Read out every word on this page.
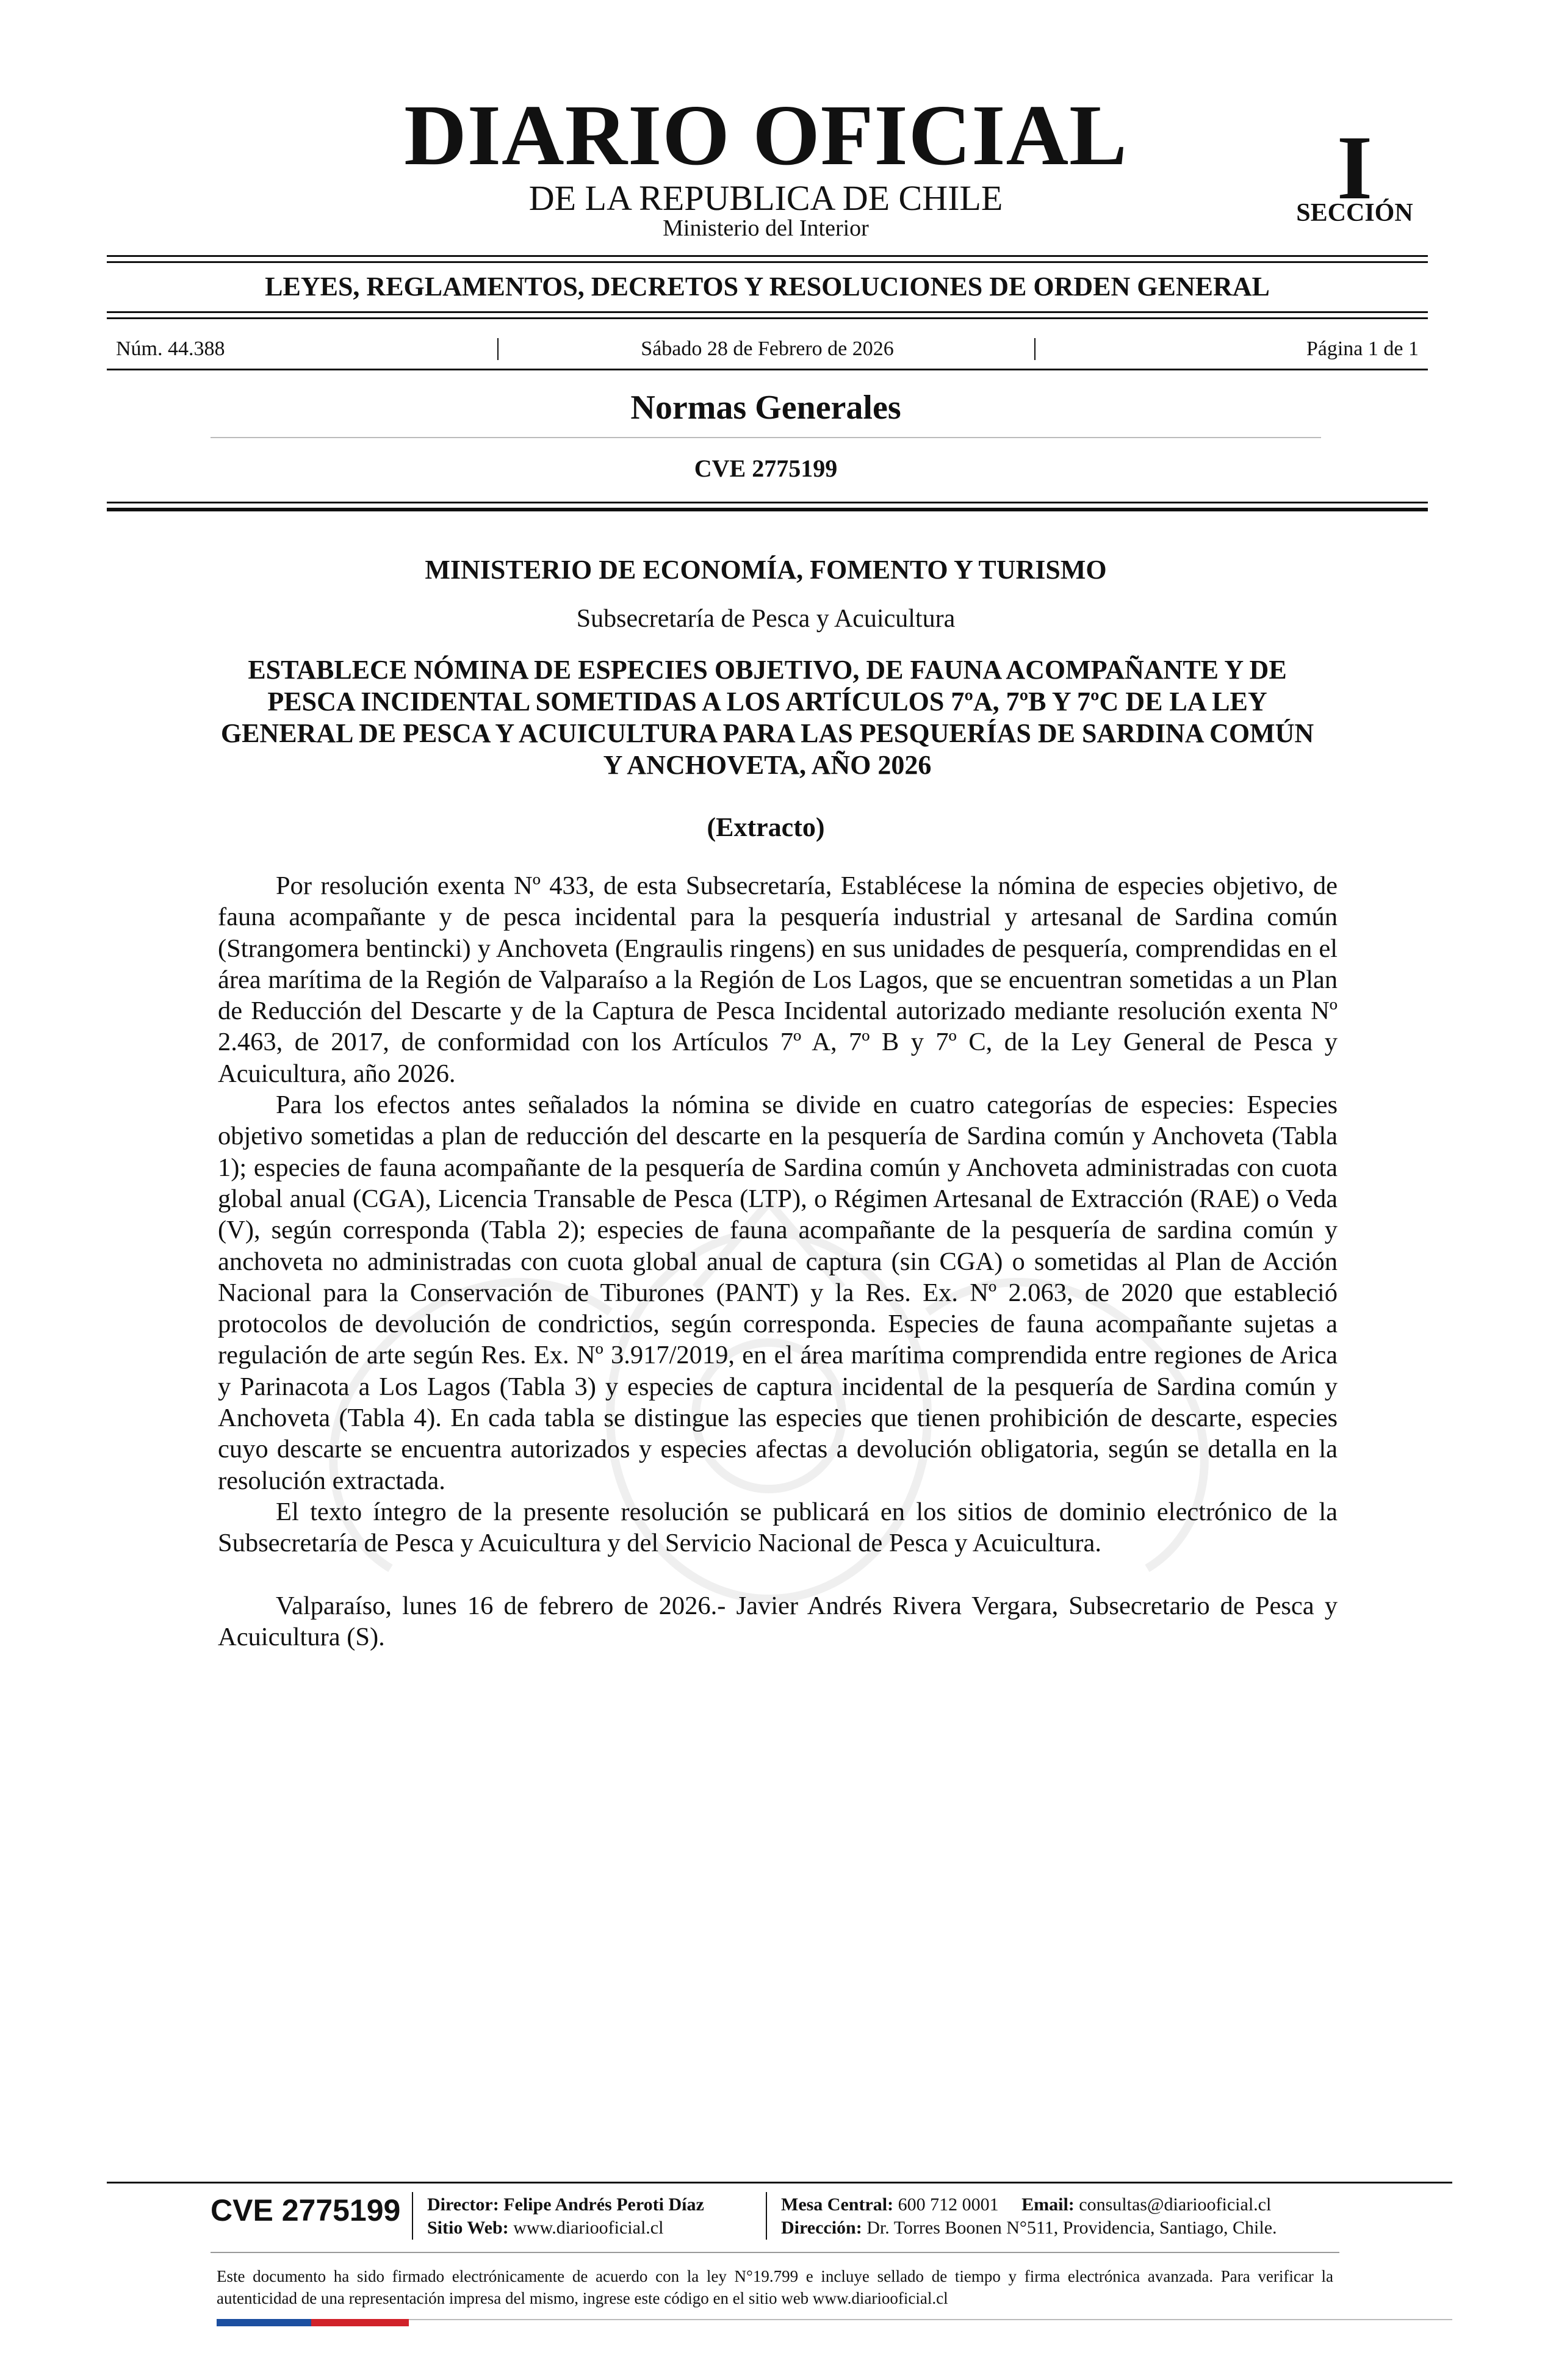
DIARIO OFICIAL
DE LA REPUBLICA DE CHILE
Ministerio del Interior
I
SECCIÓN
LEYES, REGLAMENTOS, DECRETOS Y RESOLUCIONES DE ORDEN GENERAL
Núm. 44.388	Sábado 28 de Febrero de 2026	Página 1 de 1
Normas Generales
CVE 2775199
MINISTERIO DE ECONOMÍA, FOMENTO Y TURISMO
Subsecretaría de Pesca y Acuicultura
ESTABLECE NÓMINA DE ESPECIES OBJETIVO, DE FAUNA ACOMPAÑANTE Y DE PESCA INCIDENTAL SOMETIDAS A LOS ARTÍCULOS 7ºA, 7ºB Y 7ºC DE LA LEY GENERAL DE PESCA Y ACUICULTURA PARA LAS PESQUERÍAS DE SARDINA COMÚN Y ANCHOVETA, AÑO 2026
(Extracto)

Por resolución exenta Nº 433, de esta Subsecretaría, Establécese la nómina de especies objetivo, de fauna acompañante y de pesca incidental para la pesquería industrial y artesanal de Sardina común (Strangomera bentincki) y Anchoveta (Engraulis ringens) en sus unidades de pesquería, comprendidas en el área marítima de la Región de Valparaíso a la Región de Los Lagos, que se encuentran sometidas a un Plan de Reducción del Descarte y de la Captura de Pesca Incidental autorizado mediante resolución exenta Nº 2.463, de 2017, de conformidad con los Artículos 7º A, 7º B y 7º C, de la Ley General de Pesca y Acuicultura, año 2026.

Para los efectos antes señalados la nómina se divide en cuatro categorías de especies: Especies objetivo sometidas a plan de reducción del descarte en la pesquería de Sardina común y Anchoveta (Tabla 1); especies de fauna acompañante de la pesquería de Sardina común y Anchoveta administradas con cuota global anual (CGA), Licencia Transable de Pesca (LTP), o Régimen Artesanal de Extracción (RAE) o Veda (V), según corresponda (Tabla 2); especies de fauna acompañante de la pesquería de sardina común y anchoveta no administradas con cuota global anual de captura (sin CGA) o sometidas al Plan de Acción Nacional para la Conservación de Tiburones (PANT) y la Res. Ex. Nº 2.063, de 2020 que estableció protocolos de devolución de condrictios, según corresponda. Especies de fauna acompañante sujetas a regulación de arte según Res. Ex. Nº 3.917/2019, en el área marítima comprendida entre regiones de Arica y Parinacota a Los Lagos (Tabla 3) y especies de captura incidental de la pesquería de Sardina común y Anchoveta (Tabla 4). En cada tabla se distingue las especies que tienen prohibición de descarte, especies cuyo descarte se encuentra autorizados y especies afectas a devolución obligatoria, según se detalla en la resolución extractada.

El texto íntegro de la presente resolución se publicará en los sitios de dominio electrónico de la Subsecretaría de Pesca y Acuicultura y del Servicio Nacional de Pesca y Acuicultura.

Valparaíso, lunes 16 de febrero de 2026.- Javier Andrés Rivera Vergara, Subsecretario de Pesca y Acuicultura (S).

CVE 2775199 Director: Felipe Andrés Peroti Díaz
Sitio Web: www.diariooficial.cl
Mesa Central: 600 712 0001 Email: consultas@diariooficial.cl
Dirección: Dr. Torres Boonen N°511, Providencia, Santiago, Chile.
Este documento ha sido firmado electrónicamente de acuerdo con la ley N°19.799 e incluye sellado de tiempo y firma electrónica avanzada. Para verificar la autenticidad de una representación impresa del mismo, ingrese este código en el sitio web www.diariooficial.cl
